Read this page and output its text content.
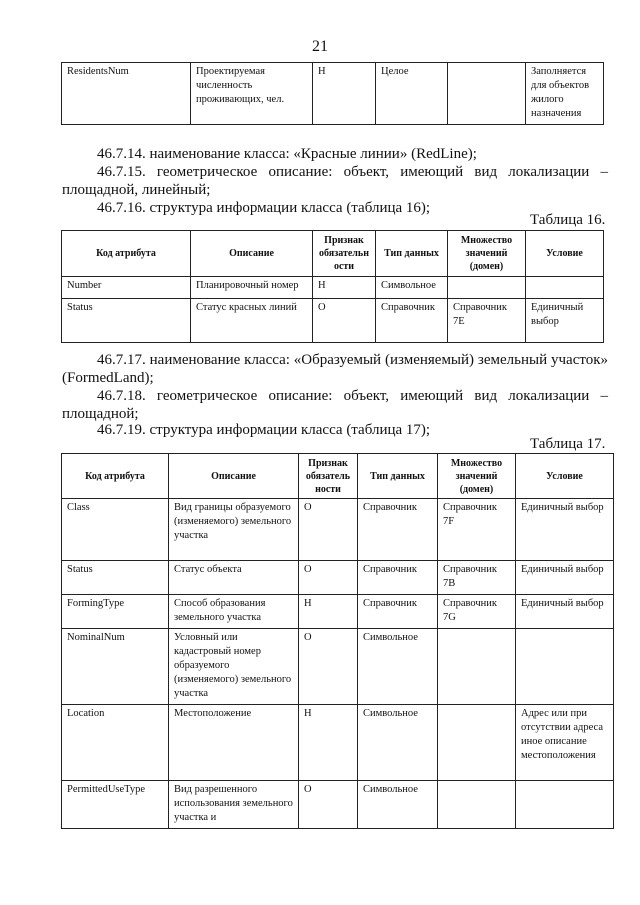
21
ResidentsNum	Проектируемая численность проживающих, чел.	Н	Целое		Заполняется для объектов жилого назначения
46.7.14. наименование класса: «Красные линии» (RedLine);
46.7.15. геометрическое описание: объект, имеющий вид локализации –
площадной, линейный;
46.7.16. структура информации класса (таблица 16);
Таблица 16.
Код атрибута	Описание	Признак обязательн ости	Тип данных	Множество значений (домен)	Условие
Number	Планировочный номер	Н	Символьное		
Status	Статус красных линий	О	Справочник	Справочник 7Е	Единичный выбор
46.7.17. наименование класса: «Образуемый (изменяемый) земельный участок»
(FormedLand);
46.7.18. геометрическое описание: объект, имеющий вид локализации –
площадной;
46.7.19. структура информации класса (таблица 17);
Таблица 17.
Код атрибута	Описание	Признак обязатель ности	Тип данных	Множество значений (домен)	Условие
Class	Вид границы образуемого (изменяемого) земельного участка	О	Справочник	Справочник 7F	Единичный выбор
Status	Статус объекта	О	Справочник	Справочник 7В	Единичный выбор
FormingType	Способ образования земельного участка	Н	Справочник	Справочник 7G	Единичный выбор
NominalNum	Условный или кадастровый номер образуемого (изменяемого) земельного участка	О	Символьное		
Location	Местоположение	Н	Символьное		Адрес или при отсутствии адреса иное описание местоположения
PermittedUseType	Вид разрешенного использования земельного участка и	О	Символьное		
